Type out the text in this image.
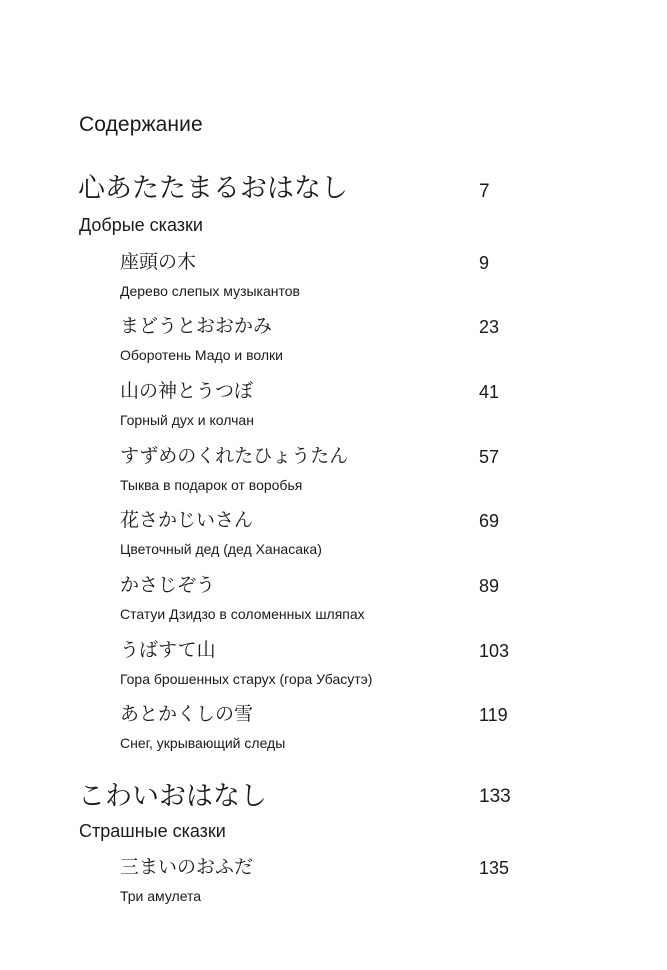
Содержание
心あたたまるおはなし	7
Добрые сказки
座頭の木	9
Дерево слепых музыкантов
まどうとおおかみ	23
Оборотень Мадо и волки
山の神とうつぼ	41
Горный дух и колчан
すずめのくれたひょうたん	57
Тыква в подарок от воробья
花さかじいさん	69
Цветочный дед (дед Ханасака)
かさじぞう	89
Статуи Дзидзо в соломенных шляпах
うばすて山	103
Гора брошенных старух (гора Убасутэ)
あとかくしの雪	119
Снег, укрывающий следы
こわいおはなし	133
Страшные сказки
三まいのおふだ	135
Три амулета
